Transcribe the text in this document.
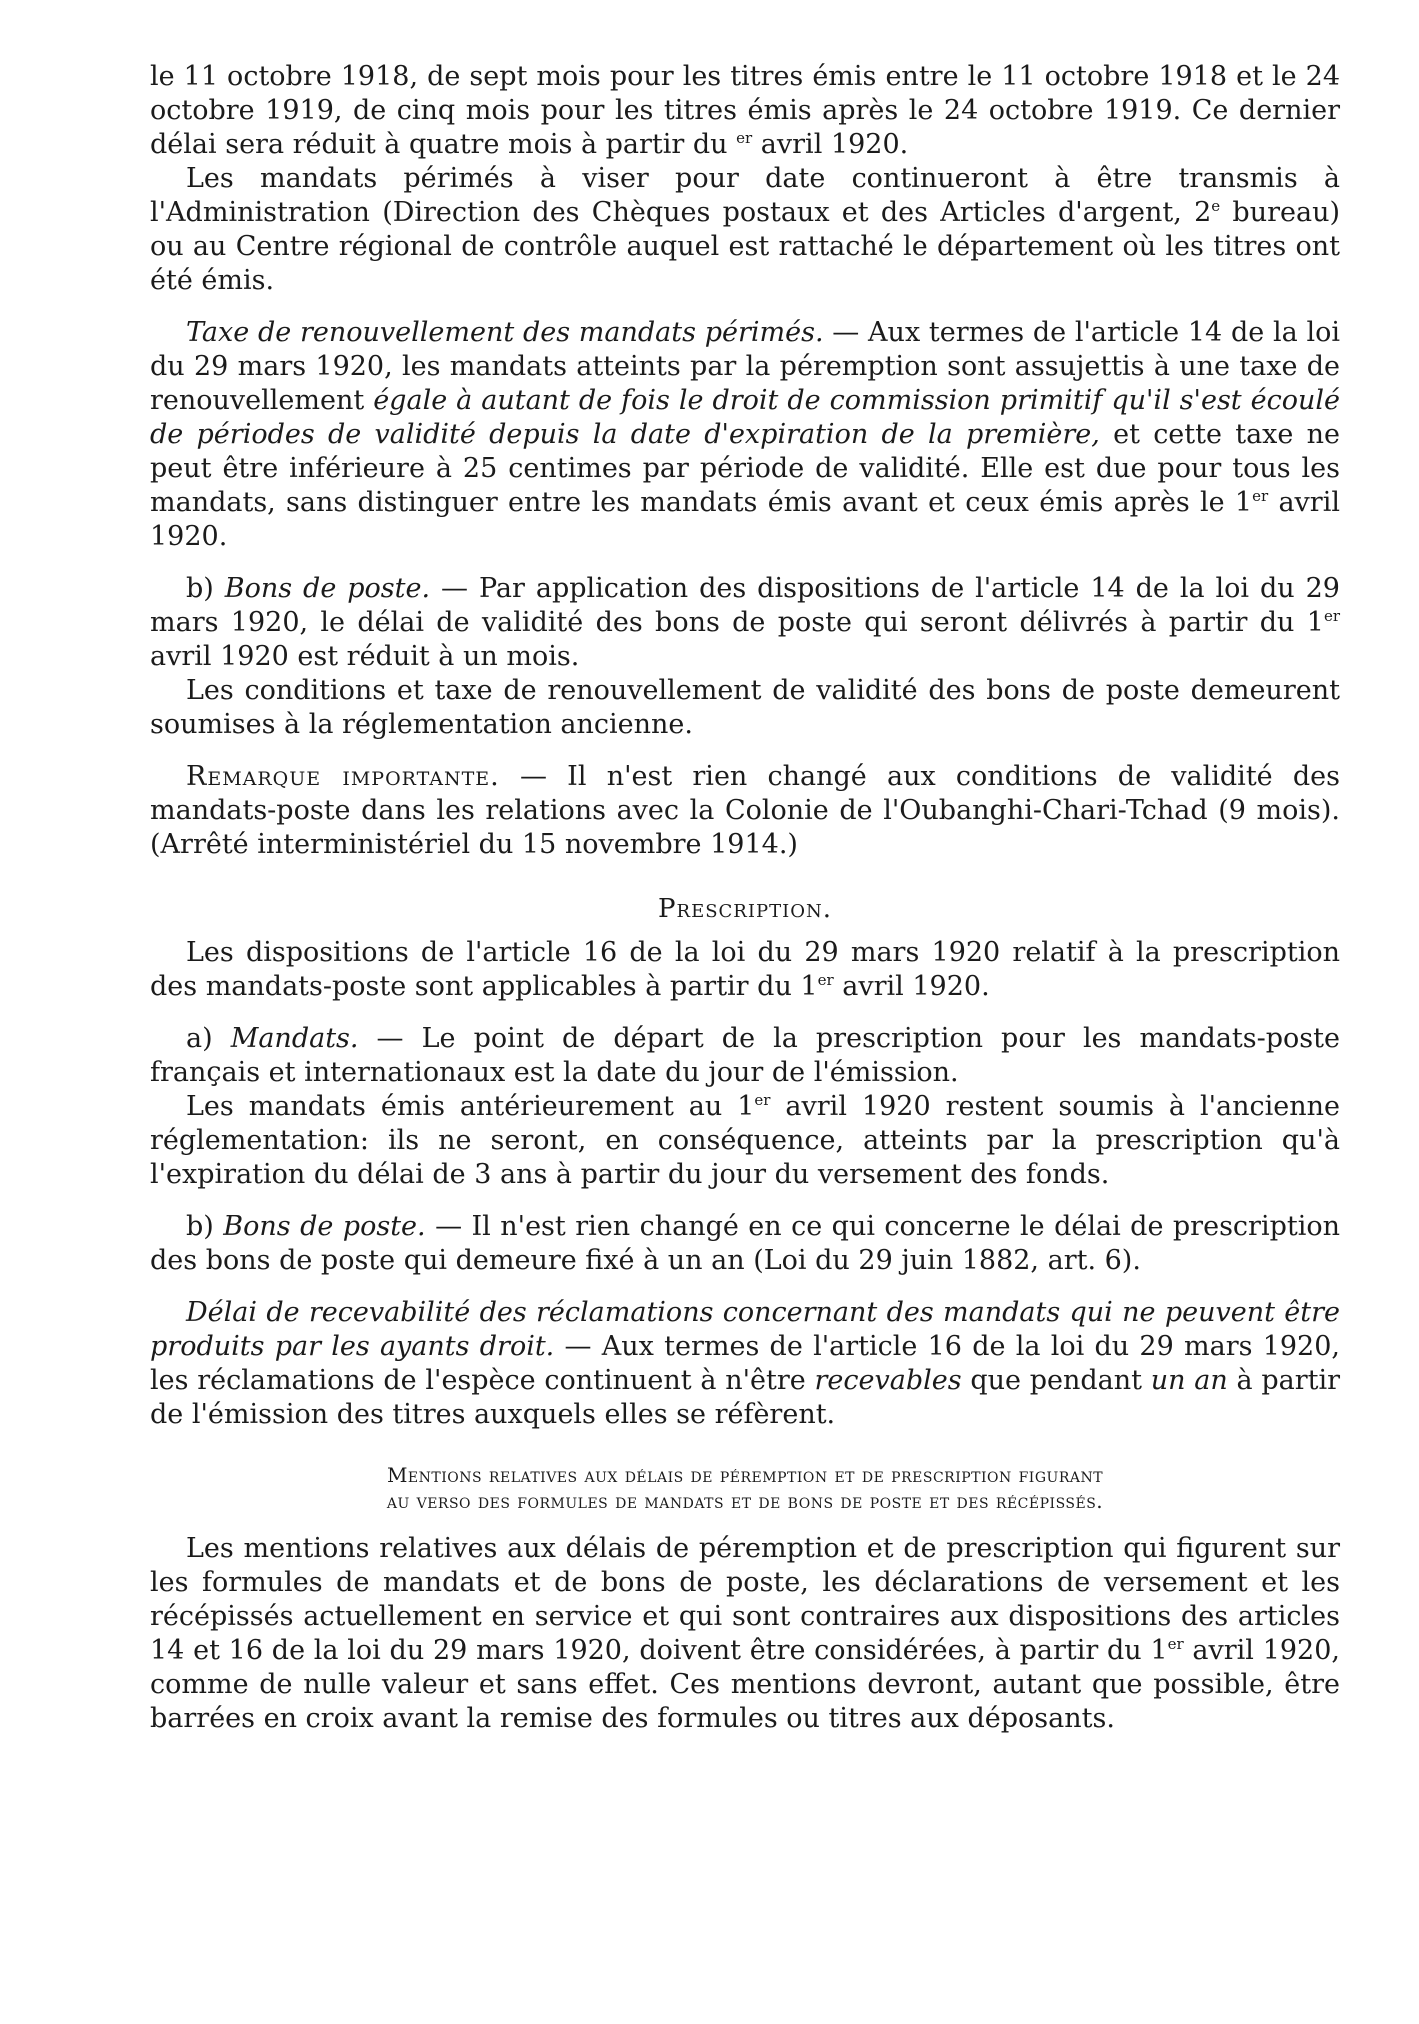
le 11 octobre 1918, de sept mois pour les titres émis entre le 11 octobre 1918 et le 24 octobre 1919, de cinq mois pour les titres émis après le 24 octobre 1919. Ce dernier délai sera réduit à quatre mois à partir du $^{er}$ avril 1920.

Les mandats périmés à viser pour date continueront à être transmis à l'Administration (Direction des Chèques postaux et des Articles d'argent, 2e bureau) ou au Centre régional de contrôle auquel est rattaché le département où les titres ont été émis.

Taxe de renouvellement des mandats périmés. — Aux termes de l'article 14 de la loi du 29 mars 1920, les mandats atteints par la péremption sont assujettis à une taxe de renouvellement égale à autant de fois le droit de commission primitif qu'il s'est écoulé de périodes de validité depuis la date d'expiration de la première, et cette taxe ne peut être inférieure à 25 centimes par période de validité. Elle est due pour tous les mandats, sans distinguer entre les mandats émis avant et ceux émis après le 1er avril 1920.

b) Bons de poste. — Par application des dispositions de l'article 14 de la loi du 29 mars 1920, le délai de validité des bons de poste qui seront délivrés à partir du 1er avril 1920 est réduit à un mois.

Les conditions et taxe de renouvellement de validité des bons de poste demeurent soumises à la réglementation ancienne.

Remarque importante. — Il n'est rien changé aux conditions de validité des mandats-poste dans les relations avec la Colonie de l'Oubanghi-Chari-Tchad (9 mois). (Arrêté interministériel du 15 novembre 1914.)

Prescription.

Les dispositions de l'article 16 de la loi du 29 mars 1920 relatif à la prescription des mandats-poste sont applicables à partir du 1er avril 1920.

a) Mandats. — Le point de départ de la prescription pour les mandats-poste français et internationaux est la date du jour de l'émission.

Les mandats émis antérieurement au 1er avril 1920 restent soumis à l'ancienne réglementation: ils ne seront, en conséquence, atteints par la prescription qu'à l'expiration du délai de 3 ans à partir du jour du versement des fonds.

b) Bons de poste. — Il n'est rien changé en ce qui concerne le délai de prescription des bons de poste qui demeure fixé à un an (Loi du 29 juin 1882, art. 6).

Délai de recevabilité des réclamations concernant des mandats qui ne peuvent être produits par les ayants droit. — Aux termes de l'article 16 de la loi du 29 mars 1920, les réclamations de l'espèce continuent à n'être recevables que pendant un an à partir de l'émission des titres auxquels elles se réfèrent.

Mentions relatives aux délais de péremption et de prescription figurant
au verso des formules de mandats et de bons de poste et des récépissés.

Les mentions relatives aux délais de péremption et de prescription qui figurent sur les formules de mandats et de bons de poste, les déclarations de versement et les récépissés actuellement en service et qui sont contraires aux dispositions des articles 14 et 16 de la loi du 29 mars 1920, doivent être considérées, à partir du 1er avril 1920, comme de nulle valeur et sans effet. Ces mentions devront, autant que possible, être barrées en croix avant la remise des formules ou titres aux déposants.
